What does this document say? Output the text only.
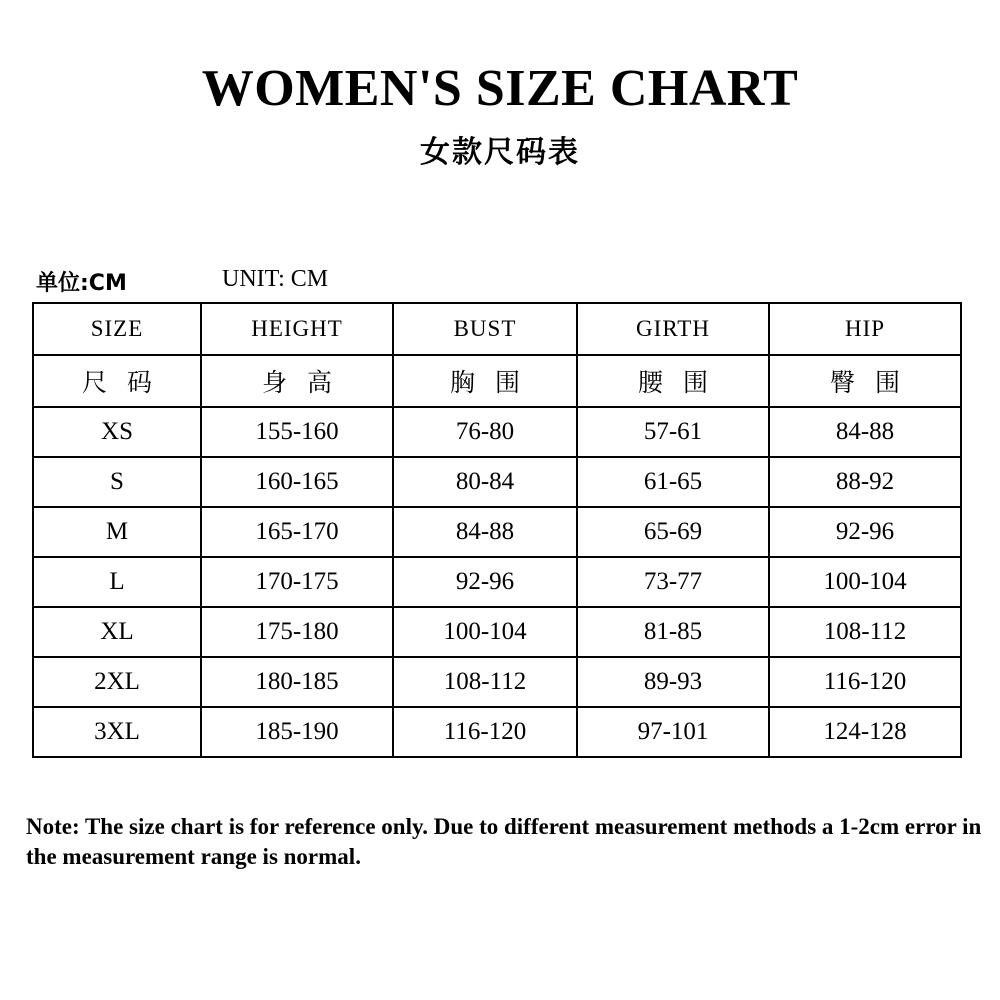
WOMEN'S SIZE CHART
女款尺码表
单位:CM	UNIT: CM
SIZE	HEIGHT	BUST	GIRTH	HIP
尺 码	身 高	胸 围	腰 围	臀 围
XS	155-160	76-80	57-61	84-88
S	160-165	80-84	61-65	88-92
M	165-170	84-88	65-69	92-96
L	170-175	92-96	73-77	100-104
XL	175-180	100-104	81-85	108-112
2XL	180-185	108-112	89-93	116-120
3XL	185-190	116-120	97-101	124-128
Note: The size chart is for reference only. Due to different measurement methods a 1-2cm error in the measurement range is normal.
